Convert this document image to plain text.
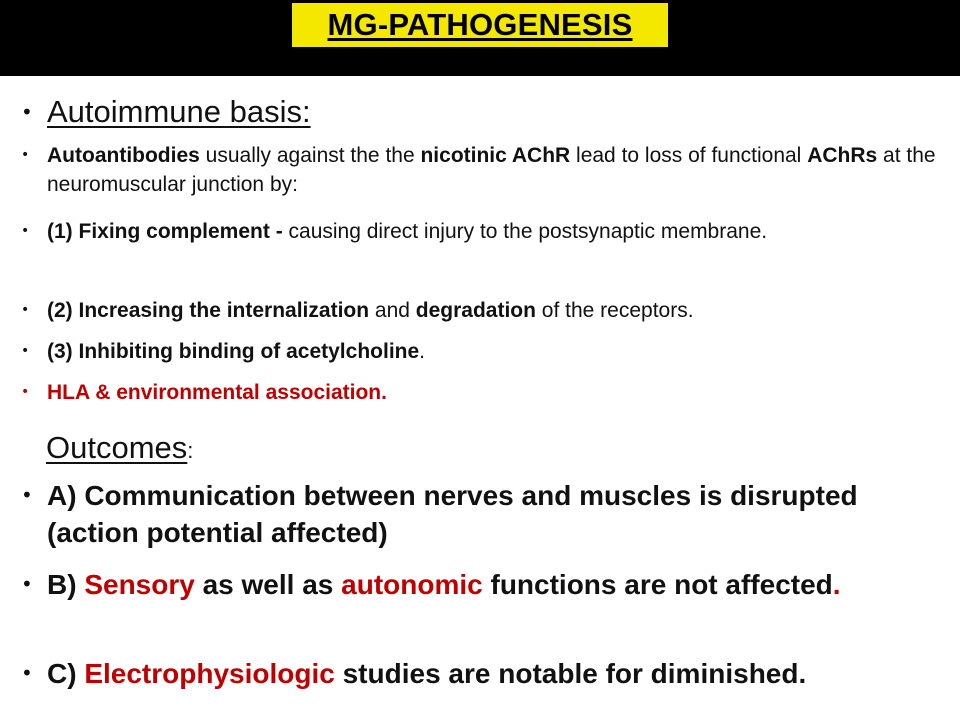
MG-PATHOGENESIS
• Autoimmune basis:
• Autoantibodies usually against the the nicotinic AChR lead to loss of functional AChRs at the neuromuscular junction by:
• (1) Fixing complement - causing direct injury to the postsynaptic membrane.
• (2) Increasing the internalization and degradation of the receptors.
• (3) Inhibiting binding of acetylcholine.
• HLA & environmental association.
Outcomes:
• A) Communication between nerves and muscles is disrupted (action potential affected)
• B) Sensory as well as autonomic functions are not affected.
• C) Electrophysiologic studies are notable for diminished.
